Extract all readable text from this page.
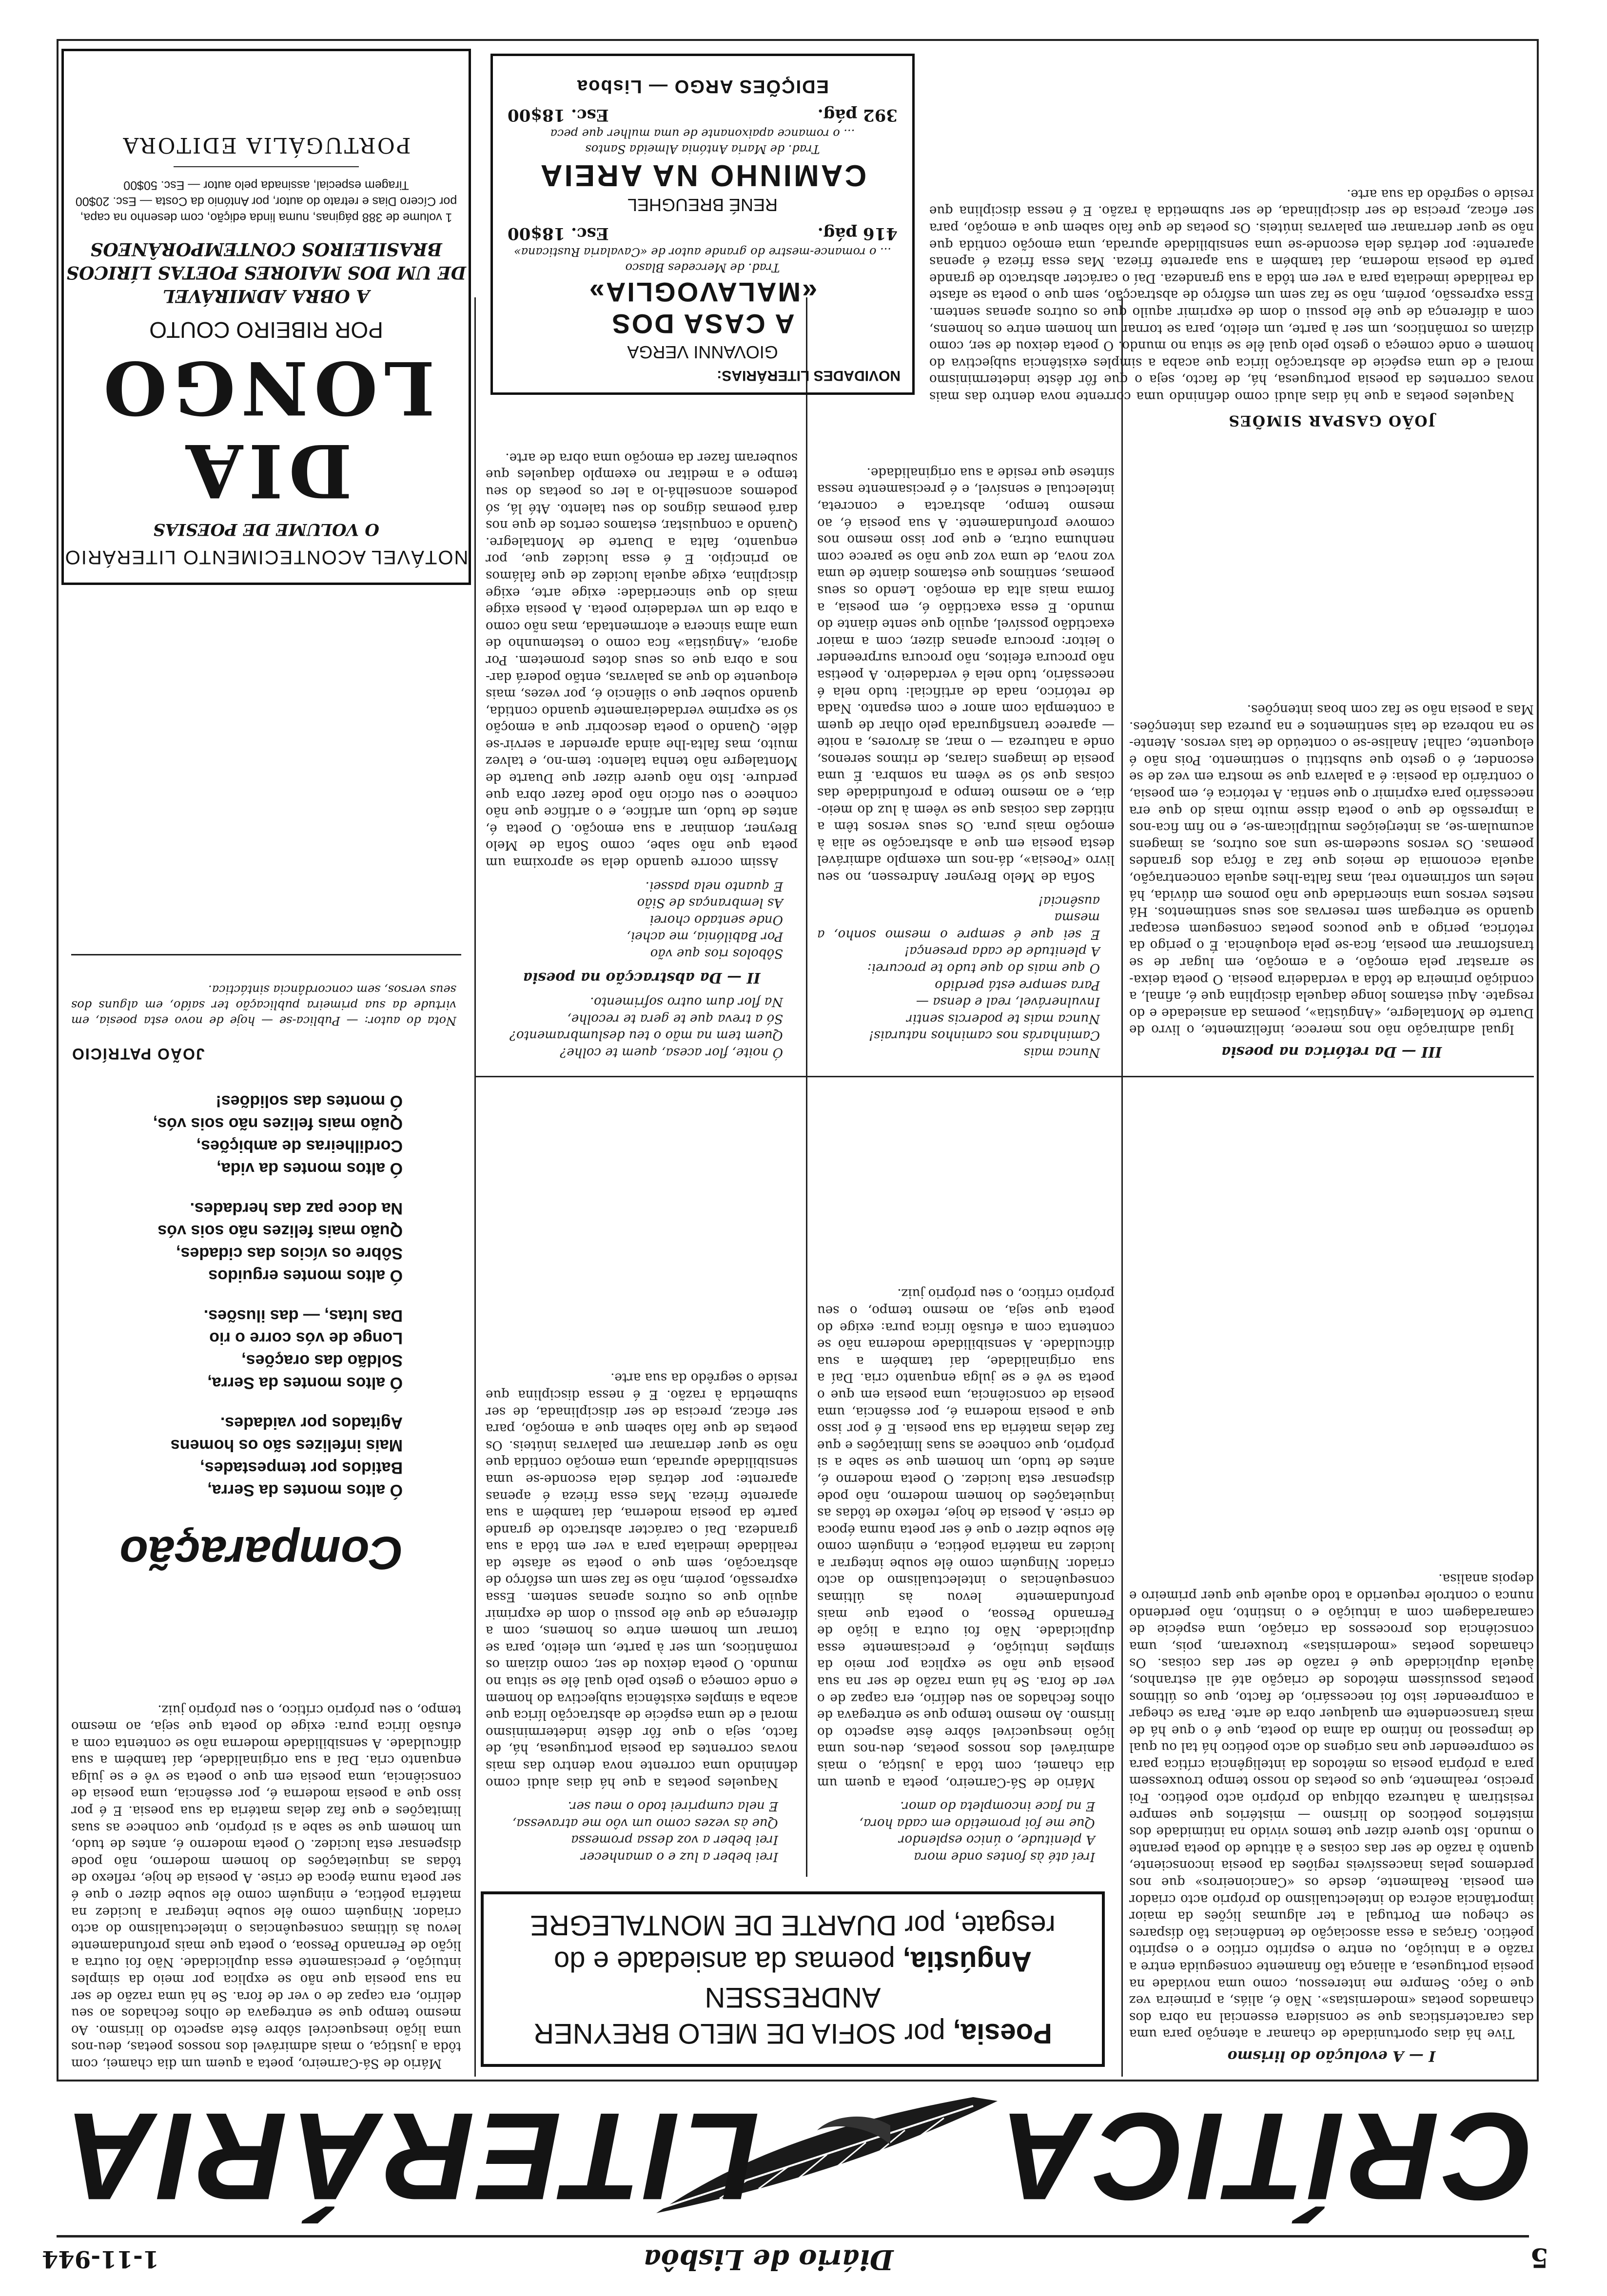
5
Diário de Lisbôa
1-11-944
CRÍTICA
LITERÁRIA
Poesia, por SOFIA DE MELO BREYNER
ANDRESSEN
Angústia, poemas da ansiedade e do
resgate, por DUARTE DE MONTALEGRE
I — A evolução do lirismo

Tive há dias oportunidade de chamar a atenção para uma das características que se considera essencial na obra dos chamados poetas «modernistas». Não é, aliás, a primeira vez que o faço. Sempre me interessou, como uma novidade na poesia portuguesa, a aliança tão finamente conseguida entre a razão e a intuição, ou entre o espírito crítico e o espírito poético. Graças a essa associação de tendências tão díspares se chegou em Portugal a ter algumas lições da maior importância acêrca do intelectualismo do próprio acto criador em poesia. Realmente, desde os «Cancioneiros» que nos perdemos pelas inacessíveis regiões da poesia inconsciente, quanto à razão de ser das coisas e à atitude do poeta perante o mundo. Isto quere dizer que temos vivido na intimidade dos mistérios poéticos do lirismo — mistérios que sempre resistiram à natureza oblíqua do próprio acto poético. Foi preciso, realmente, que os poetas do nosso tempo trouxessem para a própria poesia os métodos da inteligência crítica para se compreender que nas origens do acto poético há tal ou qual de impessoal no íntimo da alma do poeta, que é o que há de mais transcendente em qualquer obra de arte. Para se chegar a compreender isto foi necessário, de facto, que os últimos poetas possuíssem métodos de criação até ali estranhos, àquela duplicidade que é razão de ser das coisas. Os chamados poetas «modernistas» trouxeram, pois, uma consciência dos processos da criação, uma espécie de camaradagem com a intuição e o instinto, não perdendo nunca o controle requerido a todo aquele que quer primeiro e depois analisa.

Ireí até às fontes onde mora
A plenitude, o único esplendor
Que me foi prometido em cada hora,
E na face incompleta do amor.

Mário de Sá-Carneiro, poeta a quem um dia chamei, com tôda a justiça, o mais admirável dos nossos poetas, deu-nos uma lição inesquecível sôbre êste aspecto do lirismo. Ao mesmo tempo que se entregava de olhos fechados ao seu delírio, era capaz de o ver de fora. Se há uma razão de ser na sua poesia que não se explica por meio da simples intuição, é precisamente essa duplicidade. Não foi outra a lição de Fernando Pessoa, o poeta que mais profundamente levou às últimas consequências o intelectualismo do acto criador. Ninguém como êle soube integrar a lucidez na matéria poética, e ninguém como êle soube dizer o que é ser poeta numa época de crise. A poesia de hoje, reflexo de tôdas as inquietações do homem moderno, não pode dispensar esta lucidez. O poeta moderno é, antes de tudo, um homem que se sabe a si próprio, que conhece as suas limitações e que faz delas matéria da sua poesia. E é por isso que a poesia moderna é, por essência, uma poesia de consciência, uma poesia em que o poeta se vê e se julga enquanto cria. Daí a sua originalidade, daí também a sua dificuldade. A sensibilidade moderna não se contenta com a efusão lírica pura: exige do poeta que seja, ao mesmo tempo, o seu próprio crítico, o seu próprio juiz.

Irei beber a luz e o amanhecer
Irei beber a voz dessa promessa
Que às vezes como um vôo me atravessa,
E nela cumprirei todo o meu ser.

Naqueles poetas a que há dias aludi como definindo uma corrente nova dentro das mais novas correntes da poesia portuguesa, há, de facto, seja o que fôr dêste indeterminismo moral e de uma espécie de abstracção lírica que acaba a simples existência subjectiva do homem e onde começa o gesto pelo qual êle se situa no mundo. O poeta deixou de ser, como diziam os românticos, um ser à parte, um eleito, para se tornar um homem entre os homens, com a diferença de que êle possui o dom de exprimir aquilo que os outros apenas sentem. Essa expressão, porém, não se faz sem um esfôrço de abstracção, sem que o poeta se afaste da realidade imediata para a ver em tôda a sua grandeza. Daí o carácter abstracto de grande parte da poesia moderna, daí também a sua aparente frieza. Mas essa frieza é apenas aparente: por detrás dela esconde-se uma sensibilidade apurada, uma emoção contida que não se quer derramar em palavras inúteis. Os poetas de que falo sabem que a emoção, para ser eficaz, precisa de ser disciplinada, de ser submetida à razão. E é nessa disciplina que reside o segrêdo da sua arte.

III — Da retórica na poesia

Igual admiração não nos merece, infelizmente, o livro de Duarte de Montalegre, «Angústia», poemas da ansiedade e do resgate. Aqui estamos longe daquela disciplina que é, afinal, a condição primeira de tôda a verdadeira poesia. O poeta deixa-se arrastar pela emoção, e a emoção, em lugar de se transformar em poesia, fica-se pela eloquência. É o perigo da retórica, perigo a que poucos poetas conseguem escapar quando se entregam sem reservas aos seus sentimentos. Há nestes versos uma sinceridade que não pomos em dúvida, há neles um sofrimento real, mas falta-lhes aquela concentração, aquela economia de meios que faz a fôrça dos grandes poemas. Os versos sucedem-se uns aos outros, as imagens acumulam-se, as interjeições multiplicam-se, e no fim fica-nos a impressão de que o poeta disse muito mais do que era necessário para exprimir o que sentia. A retórica é, em poesia, o contrário da poesia: é a palavra que se mostra em vez de se esconder, é o gesto que substitui o sentimento. Pois não é eloquente, calha! Analise-se o conteúdo de tais versos. Atente-se na nobreza de tais sentimentos e na pureza das intenções. Mas a poesia não se faz com boas intenções.

Nunca mais
Caminharás nos caminhos naturais!
Nunca mais te podercis sentir
Invulnerável, real e densa —
Para sempre está perdido
O que mais do que tudo te procurei:
A plenitude de cada presença!
E sei que é sempre o mesmo sonho, a mesma
ausência!

Sofia de Melo Breyner Andressen, no seu livro «Poesia», dá-nos um exemplo admirável desta poesia em que a abstracção se alia à emoção mais pura. Os seus versos têm a nitidez das coisas que se vêem à luz do meio-dia, e ao mesmo tempo a profundidade das coisas que só se vêem na sombra. É uma poesia de imagens claras, de ritmos serenos, onde a natureza — o mar, as árvores, a noite — aparece transfigurada pelo olhar de quem a contempla com amor e com espanto. Nada de retórico, nada de artificial: tudo nela é necessário, tudo nela é verdadeiro. A poetisa não procura efeitos, não procura surpreender o leitor: procura apenas dizer, com a maior exactidão possível, aquilo que sente diante do mundo. E essa exactidão é, em poesia, a forma mais alta da emoção. Lendo os seus poemas, sentimos que estamos diante de uma voz nova, de uma voz que não se parece com nenhuma outra, e que por isso mesmo nos comove profundamente. A sua poesia é, ao mesmo tempo, abstracta e concreta, intelectual e sensível, e é precisamente nessa síntese que reside a sua originalidade.

Ó noite, flor acesa, quem te colhe?
Quem tem na mão o teu deslumbramento?
Só a treva que te gera te recolhe,
Na flor dum outro sofrimento.
II — Da abstracção na poesia
Sôbolos rios que vão
Por Babilónia, me achei,
Onde sentado chorei
As lembranças de Sião
E quanto nela passei.

Assim ocorre quando dela se aproxima um poeta que não sabe, como Sofia de Melo Breyner, dominar a sua emoção. O poeta é, antes de tudo, um artífice, e o artífice que não conhece o seu ofício não pode fazer obra que perdure. Isto não quere dizer que Duarte de Montalegre não tenha talento: tem-no, e talvez muito, mas falta-lhe ainda aprender a servir-se dêle. Quando o poeta descobrir que a emoção só se exprime verdadeiramente quando contida, quando souber que o silêncio é, por vezes, mais eloquente do que as palavras, então poderá dar-nos a obra que os seus dotes prometem. Por agora, «Angústia» fica como o testemunho de uma alma sincera e atormentada, mas não como a obra de um verdadeiro poeta. A poesia exige mais do que sinceridade: exige arte, exige disciplina, exige aquela lucidez de que falámos ao princípio. E é essa lucidez que, por enquanto, falta a Duarte de Montalegre. Quando a conquistar, estamos certos de que nos dará poemas dignos do seu talento. Até lá, só podemos aconselhá-lo a ler os poetas do seu tempo e a meditar no exemplo daqueles que souberam fazer da emoção uma obra de arte.

JOÃO GASPAR SIMÕES
Comparação
Ó altos montes da Serra,
Batidos por tempestades,
Mais infelizes são os homens
Agitados por vaidades.
Ó altos montes da Serra,
Soldão das orações,
Longe de vós corre o rio
Das lutas, — das ilusões.
Ó altos montes erguidos
Sôbre os vícios das cidades,
Quão mais felizes não sois vós
Na doce paz das herdades.
Ó altos montes da vida,
Cordilheiras de ambições,
Quão mais felizes não sois vós,
Ó montes das solidões!
JOÃO PATRÍCIO
Nota do autor: — Publica-se — hoje de novo esta poesia, em virtude da sua primeira publicação ter saído, em alguns dos seus versos, sem concordância sintáctica.

Mário de Sá-Carneiro, poeta a quem um dia chamei, com tôda a justiça, o mais admirável dos nossos poetas, deu-nos uma lição inesquecível sôbre êste aspecto do lirismo. Ao mesmo tempo que se entregava de olhos fechados ao seu delírio, era capaz de o ver de fora. Se há uma razão de ser na sua poesia que não se explica por meio da simples intuição, é precisamente essa duplicidade. Não foi outra a lição de Fernando Pessoa, o poeta que mais profundamente levou às últimas consequências o intelectualismo do acto criador. Ninguém como êle soube integrar a lucidez na matéria poética, e ninguém como êle soube dizer o que é ser poeta numa época de crise. A poesia de hoje, reflexo de tôdas as inquietações do homem moderno, não pode dispensar esta lucidez. O poeta moderno é, antes de tudo, um homem que se sabe a si próprio, que conhece as suas limitações e que faz delas matéria da sua poesia. E é por isso que a poesia moderna é, por essência, uma poesia de consciência, uma poesia em que o poeta se vê e se julga enquanto cria. Daí a sua originalidade, daí também a sua dificuldade. A sensibilidade moderna não se contenta com a efusão lírica pura: exige do poeta que seja, ao mesmo tempo, o seu próprio crítico, o seu próprio juiz.

NOTÁVEL ACONTECIMENTO LITERÁRIO
O VOLUME DE POESIAS
DIA LONGO
POR RIBEIRO COUTO
A OBRA ADMIRÁVEL
DE UM DOS MAIORES POETAS LÍRICOS
BRASILEIROS CONTEMPORÂNEOS
1 volume de 388 páginas, numa linda edição, com desenho na capa,
por Cícero Dias e retrato do autor, por António da Costa — Esc. 20$00
Tiragem especial, assinada pelo autor — Esc. 50$00
PORTUGÁLIA EDITORA
NOVIDADES LITERÁRIAS:
GIOVANNI VERGA
A CASA DOS «MALAVOGLIA»
Trad. de Mercedes Blasco
... o romance-mestre do grande autor de «Cavalaria Rusticana»
416 pág.
Esc. 18$00
RENÉ BREUGHEL
CAMINHO NA AREIA
Trad. de Maria Antónia Almeida Santos
... o romance apaixonante de uma mulher que peca
392 pág.
Esc. 18$00
EDIÇÕES ARGO — Lisboa

Naqueles poetas a que há dias aludi como definindo uma corrente nova dentro das mais novas correntes da poesia portuguesa, há, de facto, seja o que fôr dêste indeterminismo moral e de uma espécie de abstracção lírica que acaba a simples existência subjectiva do homem e onde começa o gesto pelo qual êle se situa no mundo. O poeta deixou de ser, como diziam os românticos, um ser à parte, um eleito, para se tornar um homem entre os homens, com a diferença de que êle possui o dom de exprimir aquilo que os outros apenas sentem. Essa expressão, porém, não se faz sem um esfôrço de abstracção, sem que o poeta se afaste da realidade imediata para a ver em tôda a sua grandeza. Daí o carácter abstracto de grande parte da poesia moderna, daí também a sua aparente frieza. Mas essa frieza é apenas aparente: por detrás dela esconde-se uma sensibilidade apurada, uma emoção contida que não se quer derramar em palavras inúteis. Os poetas de que falo sabem que a emoção, para ser eficaz, precisa de ser disciplinada, de ser submetida à razão. E é nessa disciplina que reside o segrêdo da sua arte.
